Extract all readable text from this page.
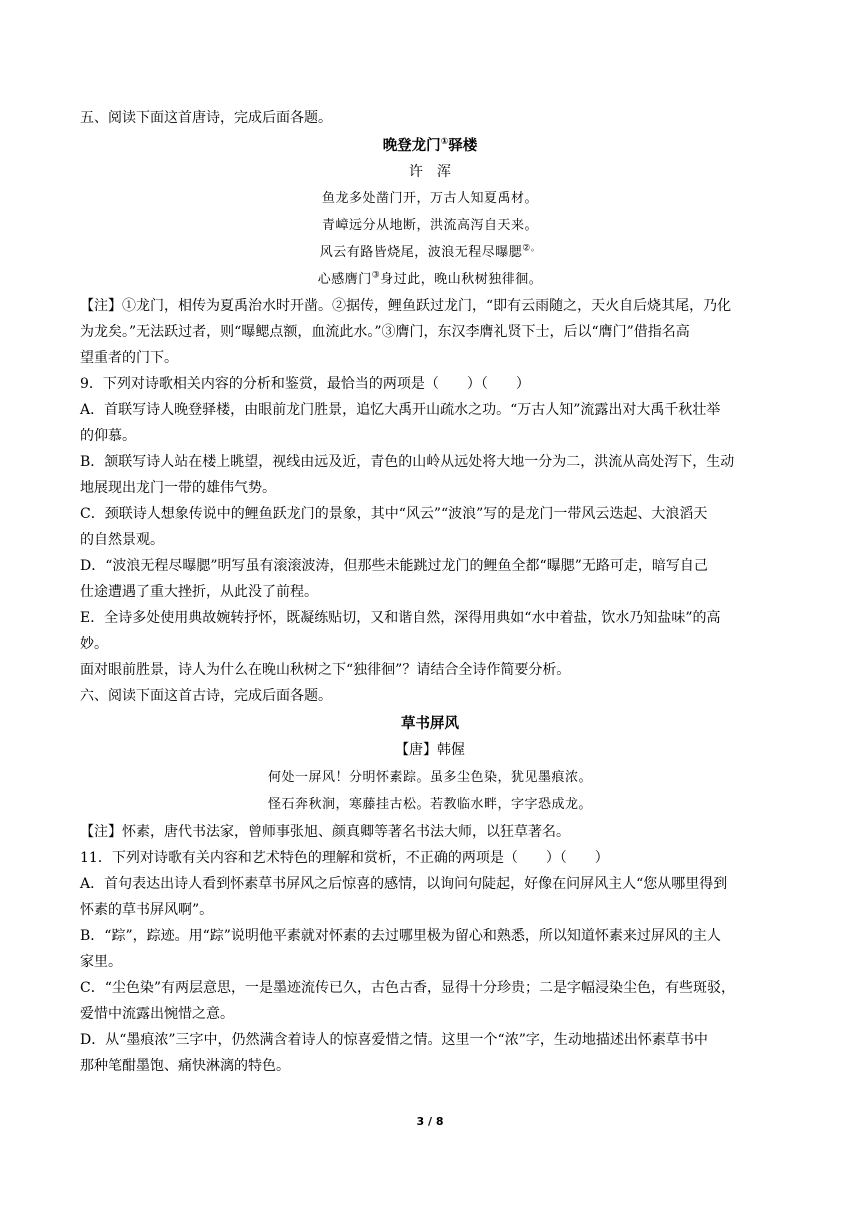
五、阅读下面这首唐诗，完成后面各题。
晚登龙门①驿楼
许　浑
鱼龙多处凿门开，万古人知夏禹材。
青嶂远分从地断，洪流高泻自天来。
风云有路皆烧尾，波浪无程尽曝腮②。
心感膺门③身过此，晚山秋树独徘徊。
【注】①龙门，相传为夏禹治水时开凿。②据传，鲤鱼跃过龙门，“即有云雨随之，天火自后烧其尾，乃化
为龙矣。”无法跃过者，则“曝鳃点额，血流此水。”③膺门，东汉李膺礼贤下士，后以“膺门”借指名高
望重者的门下。
9．下列对诗歌相关内容的分析和鉴赏，最恰当的两项是（　　）（　　）
A．首联写诗人晚登驿楼，由眼前龙门胜景，追忆大禹开山疏水之功。“万古人知”流露出对大禹千秋壮举
的仰慕。
B．颔联写诗人站在楼上眺望，视线由远及近，青色的山岭从远处将大地一分为二，洪流从高处泻下，生动
地展现出龙门一带的雄伟气势。
C．颈联诗人想象传说中的鲤鱼跃龙门的景象，其中“风云”“波浪”写的是龙门一带风云迭起、大浪滔天
的自然景观。
D．“波浪无程尽曝腮”明写虽有滚滚波涛，但那些未能跳过龙门的鲤鱼全都“曝腮”无路可走，暗写自己
仕途遭遇了重大挫折，从此没了前程。
E．全诗多处使用典故婉转抒怀，既凝练贴切，又和谐自然，深得用典如“水中着盐，饮水乃知盐味”的高
妙。
面对眼前胜景，诗人为什么在晚山秋树之下“独徘徊”？请结合全诗作简要分析。
六、阅读下面这首古诗，完成后面各题。
草书屏风
【唐】韩偓
何处一屏风！分明怀素踪。虽多尘色染，犹见墨痕浓。
怪石奔秋涧，寒藤挂古松。若教临水畔，字字恐成龙。
【注】怀素，唐代书法家，曾师事张旭、颜真卿等著名书法大师，以狂草著名。
11．下列对诗歌有关内容和艺术特色的理解和赏析，不正确的两项是（　　）（　　）
A．首句表达出诗人看到怀素草书屏风之后惊喜的感情，以询问句陡起，好像在问屏风主人“您从哪里得到
怀素的草书屏风啊”。
B．“踪”，踪迹。用“踪”说明他平素就对怀素的去过哪里极为留心和熟悉，所以知道怀素来过屏风的主人
家里。
C．“尘色染”有两层意思，一是墨迹流传已久，古色古香，显得十分珍贵；二是字幅浸染尘色，有些斑驳，
爱惜中流露出惋惜之意。
D．从“墨痕浓”三字中，仍然满含着诗人的惊喜爱惜之情。这里一个“浓”字，生动地描述出怀素草书中
那种笔酣墨饱、痛快淋漓的特色。
3 / 8
